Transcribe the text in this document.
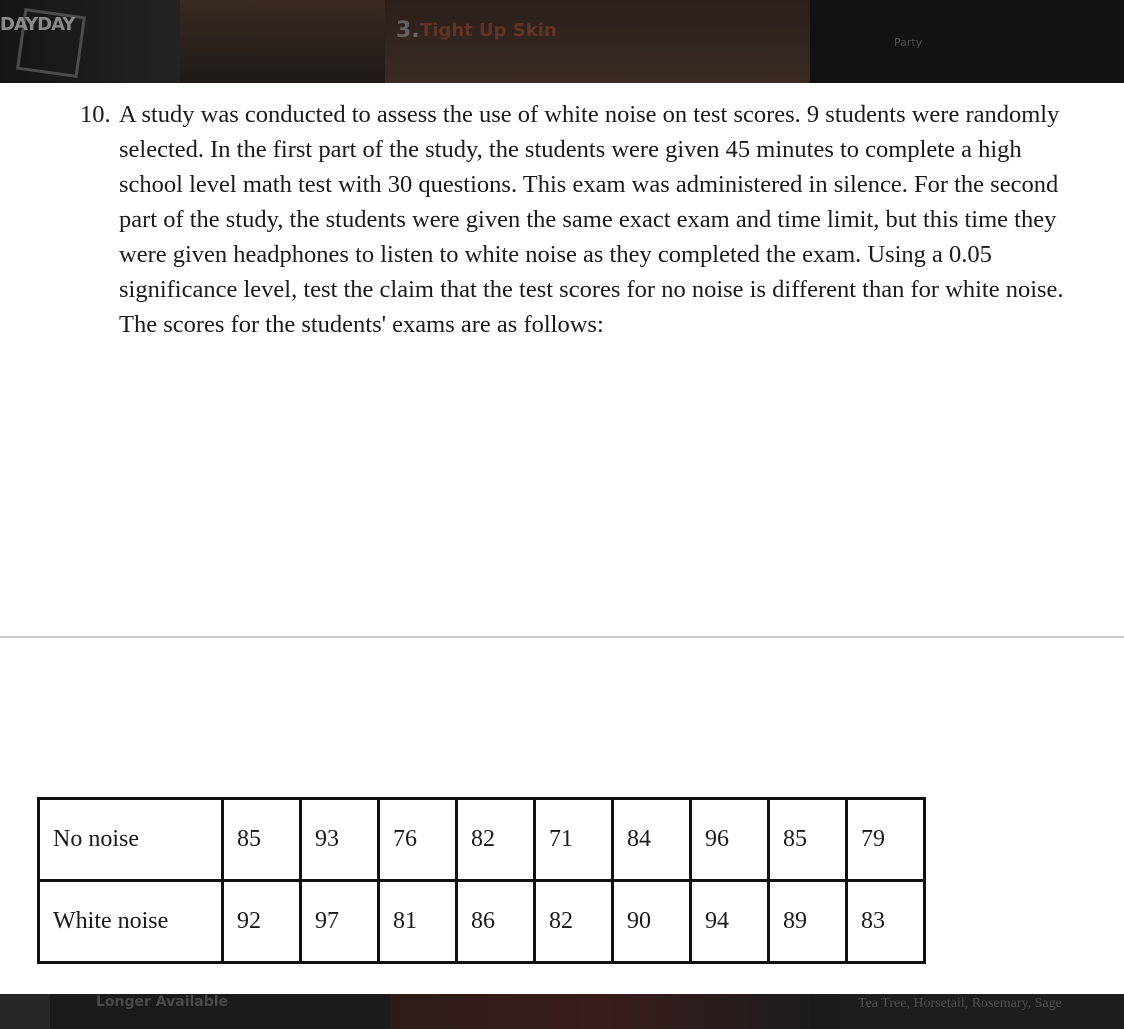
DAYDAY	3. Tight Up Skin
Party
10. A study was conducted to assess the use of white noise on test scores. 9 students were randomly selected. In the first part of the study, the students were given 45 minutes to complete a high school level math test with 30 questions. This exam was administered in silence. For the second part of the study, the students were given the same exact exam and time limit, but this time they were given headphones to listen to white noise as they completed the exam. Using a 0.05 significance level, test the claim that the test scores for no noise is different than for white noise. The scores for the students' exams are as follows:
No noise	85	93	76	82	71	84	96	85	79
White noise	92	97	81	86	82	90	94	89	83
Longer Available	Tea Tree, Horsetail, Rosemary, Sage
